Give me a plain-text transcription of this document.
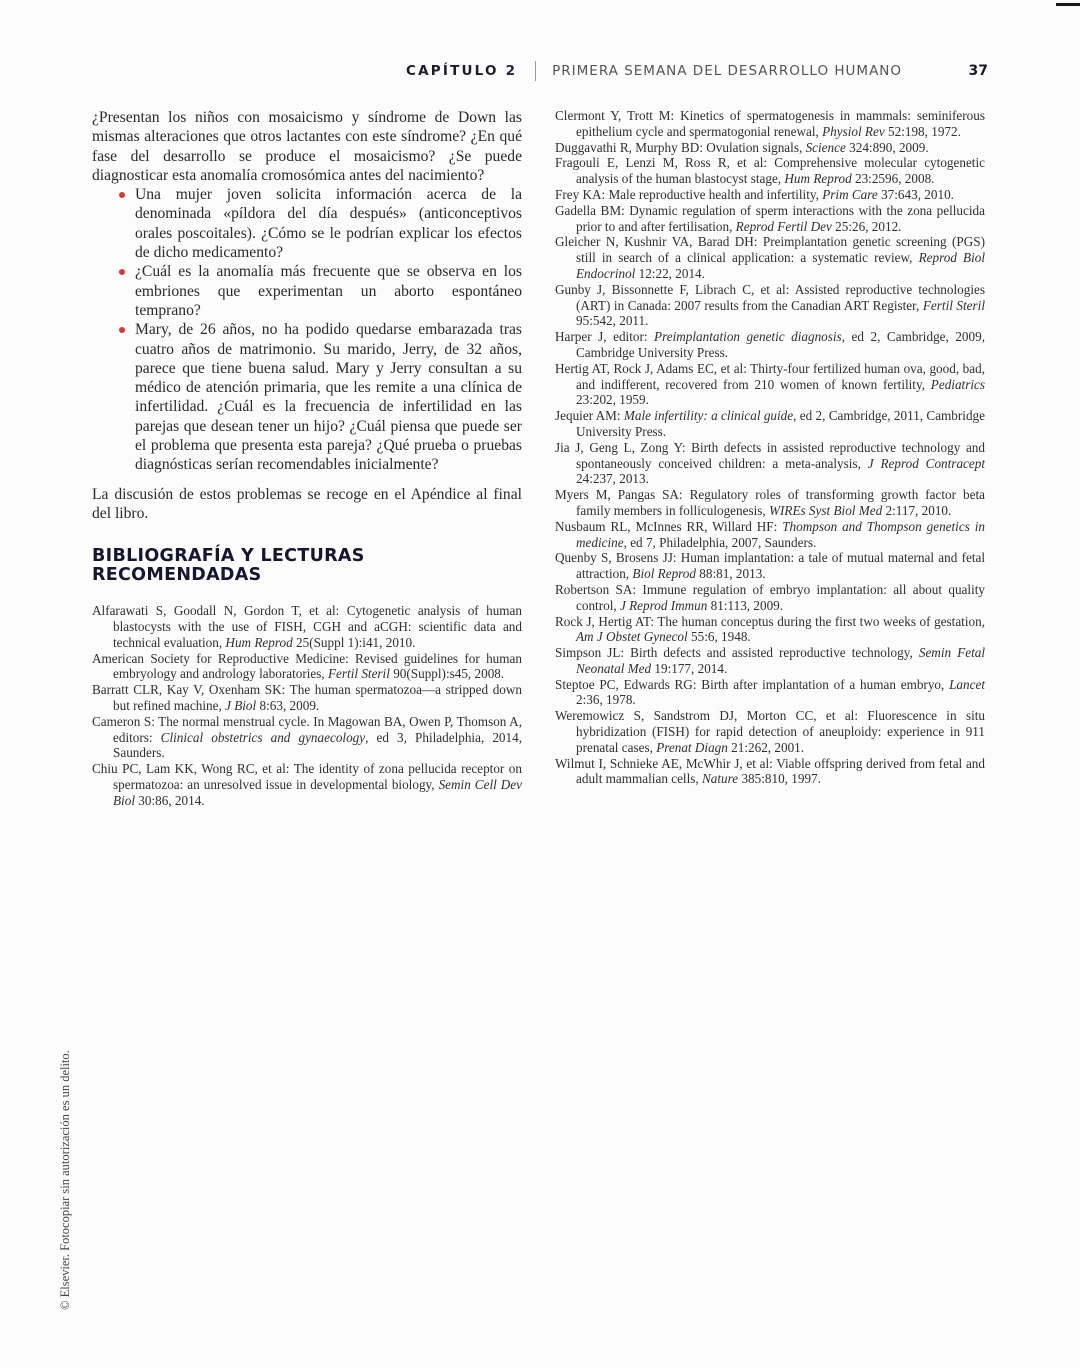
CAPÍTULO 2	PRIMERA SEMANA DEL DESARROLLO HUMANO	37

¿Presentan los niños con mosaicismo y síndrome de Down las mismas alteraciones que otros lactantes con este síndrome? ¿En qué fase del desarrollo se produce el mosaicismo? ¿Se puede diagnosticar esta anomalía cromosómica antes del nacimiento?

Una mujer joven solicita información acerca de la denominada «píldora del día después» (anticonceptivos orales poscoitales). ¿Cómo se le podrían explicar los efectos de dicho medicamento?
¿Cuál es la anomalía más frecuente que se observa en los embriones que experimentan un aborto espontáneo temprano?
Mary, de 26 años, no ha podido quedarse embarazada tras cuatro años de matrimonio. Su marido, Jerry, de 32 años, parece que tiene buena salud. Mary y Jerry consultan a su médico de atención primaria, que les remite a una clínica de infertilidad. ¿Cuál es la frecuencia de infertilidad en las parejas que desean tener un hijo? ¿Cuál piensa que puede ser el problema que presenta esta pareja? ¿Qué prueba o pruebas diagnósticas serían recomendables inicialmente?

La discusión de estos problemas se recoge en el Apéndice al final del libro.

BIBLIOGRAFÍA Y LECTURAS
RECOMENDADAS
Alfarawati S, Goodall N, Gordon T, et al: Cytogenetic analysis of human blastocysts with the use of FISH, CGH and aCGH: scientific data and technical evaluation, Hum Reprod 25(Suppl 1):i41, 2010.
American Society for Reproductive Medicine: Revised guidelines for human embryology and andrology laboratories, Fertil Steril 90(Suppl):s45, 2008.
Barratt CLR, Kay V, Oxenham SK: The human spermatozoa—a stripped down but refined machine, J Biol 8:63, 2009.
Cameron S: The normal menstrual cycle. In Magowan BA, Owen P, Thomson A, editors: Clinical obstetrics and gynaecology, ed 3, Philadelphia, 2014, Saunders.
Chiu PC, Lam KK, Wong RC, et al: The identity of zona pellucida receptor on spermatozoa: an unresolved issue in developmental biology, Semin Cell Dev Biol 30:86, 2014.
Clermont Y, Trott M: Kinetics of spermatogenesis in mammals: seminiferous epithelium cycle and spermatogonial renewal, Physiol Rev 52:198, 1972.
Duggavathi R, Murphy BD: Ovulation signals, Science 324:890, 2009.
Fragouli E, Lenzi M, Ross R, et al: Comprehensive molecular cytogenetic analysis of the human blastocyst stage, Hum Reprod 23:2596, 2008.
Frey KA: Male reproductive health and infertility, Prim Care 37:643, 2010.
Gadella BM: Dynamic regulation of sperm interactions with the zona pellucida prior to and after fertilisation, Reprod Fertil Dev 25:26, 2012.
Gleicher N, Kushnir VA, Barad DH: Preimplantation genetic screening (PGS) still in search of a clinical application: a systematic review, Reprod Biol Endocrinol 12:22, 2014.
Gunby J, Bissonnette F, Librach C, et al: Assisted reproductive technologies (ART) in Canada: 2007 results from the Canadian ART Register, Fertil Steril 95:542, 2011.
Harper J, editor: Preimplantation genetic diagnosis, ed 2, Cambridge, 2009, Cambridge University Press.
Hertig AT, Rock J, Adams EC, et al: Thirty-four fertilized human ova, good, bad, and indifferent, recovered from 210 women of known fertility, Pediatrics 23:202, 1959.
Jequier AM: Male infertility: a clinical guide, ed 2, Cambridge, 2011, Cambridge University Press.
Jia J, Geng L, Zong Y: Birth defects in assisted reproductive technology and spontaneously conceived children: a meta-analysis, J Reprod Contracept 24:237, 2013.
Myers M, Pangas SA: Regulatory roles of transforming growth factor beta family members in folliculogenesis, WIREs Syst Biol Med 2:117, 2010.
Nusbaum RL, McInnes RR, Willard HF: Thompson and Thompson genetics in medicine, ed 7, Philadelphia, 2007, Saunders.
Quenby S, Brosens JJ: Human implantation: a tale of mutual maternal and fetal attraction, Biol Reprod 88:81, 2013.
Robertson SA: Immune regulation of embryo implantation: all about quality control, J Reprod Immun 81:113, 2009.
Rock J, Hertig AT: The human conceptus during the first two weeks of gestation, Am J Obstet Gynecol 55:6, 1948.
Simpson JL: Birth defects and assisted reproductive technology, Semin Fetal Neonatal Med 19:177, 2014.
Steptoe PC, Edwards RG: Birth after implantation of a human embryo, Lancet 2:36, 1978.
Weremowicz S, Sandstrom DJ, Morton CC, et al: Fluorescence in situ hybridization (FISH) for rapid detection of aneuploidy: experience in 911 prenatal cases, Prenat Diagn 21:262, 2001.
Wilmut I, Schnieke AE, McWhir J, et al: Viable offspring derived from fetal and adult mammalian cells, Nature 385:810, 1997.
© Elsevier. Fotocopiar sin autorización es un delito.
